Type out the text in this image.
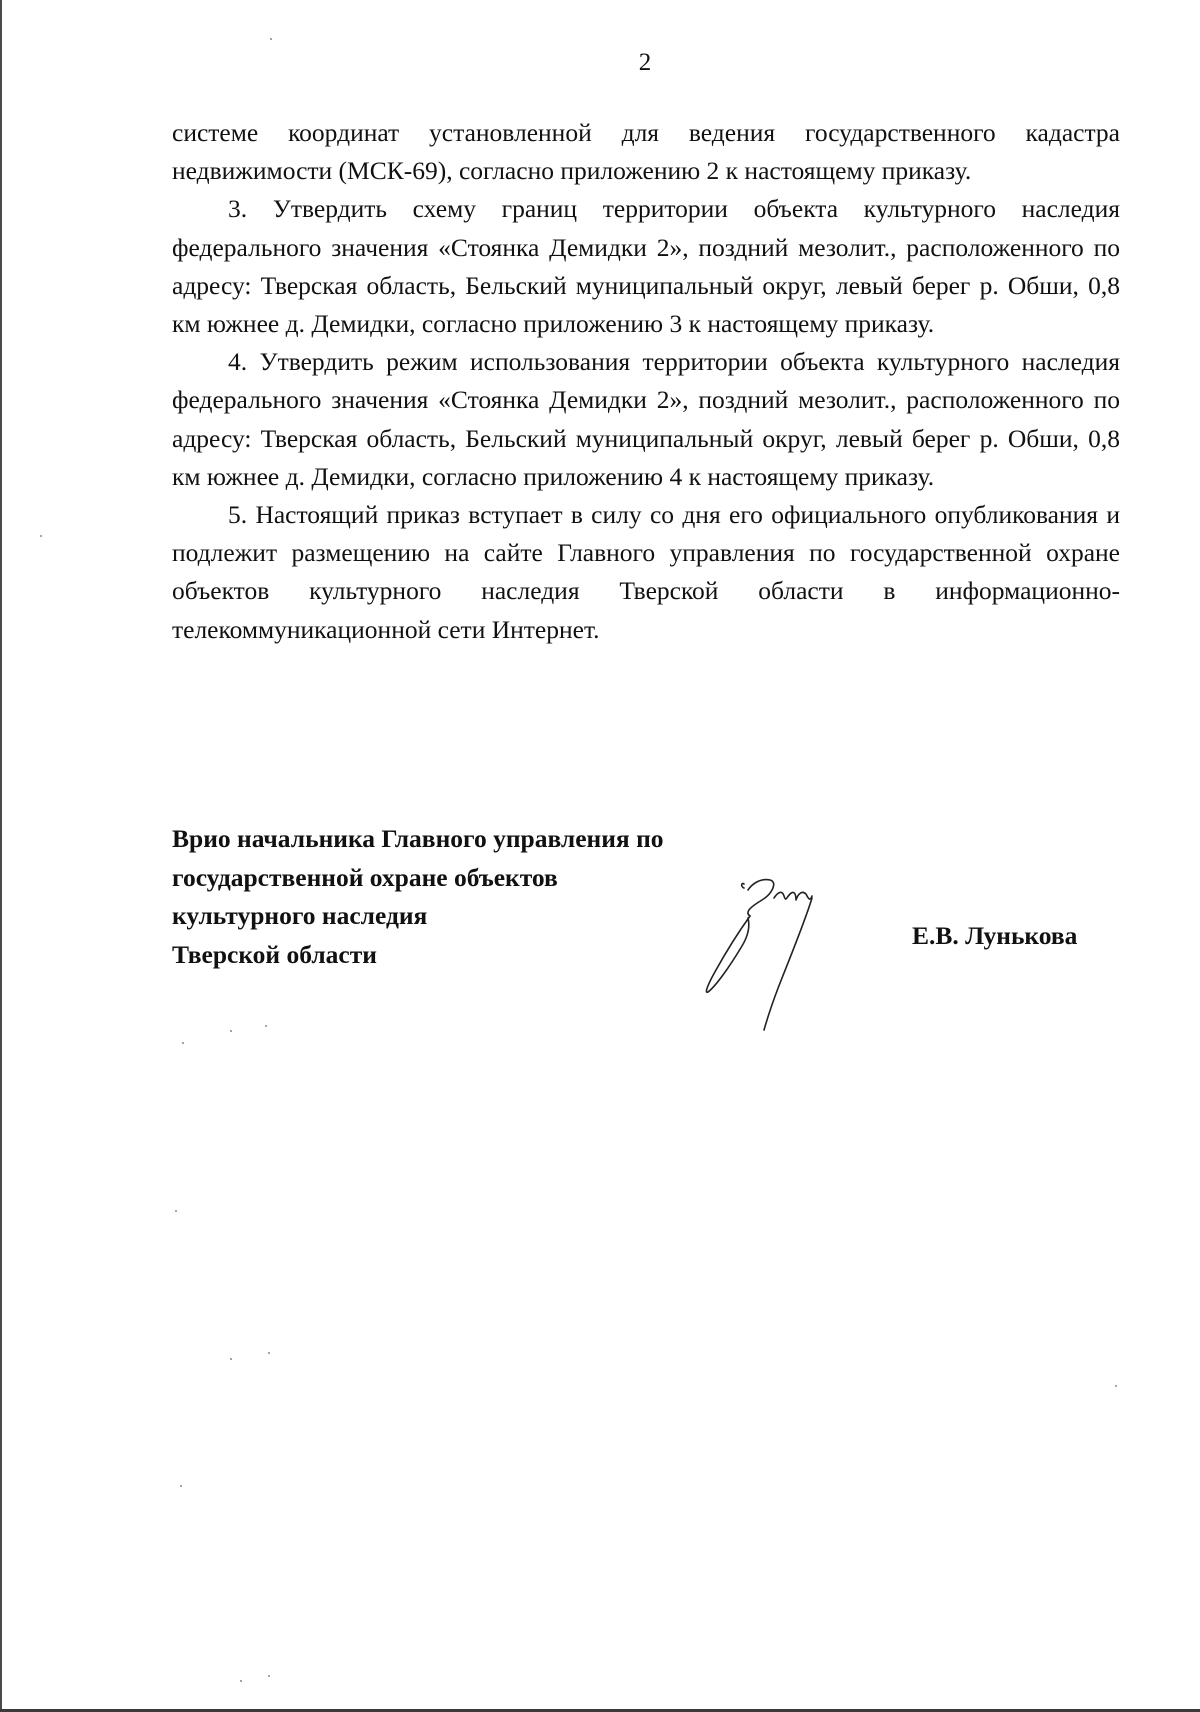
2

системе координат установленной для ведения государственного кадастра недвижимости (МСК-69), согласно приложению 2 к настоящему приказу.

3. Утвердить схему границ территории объекта культурного наследия федерального значения «Стоянка Демидки 2», поздний мезолит., расположенного по адресу: Тверская область, Бельский муниципальный округ, левый берег р. Обши, 0,8 км южнее д. Демидки, согласно приложению 3 к настоящему приказу.

4. Утвердить режим использования территории объекта культурного наследия федерального значения «Стоянка Демидки 2», поздний мезолит., расположенного по адресу: Тверская область, Бельский муниципальный округ, левый берег р. Обши, 0,8 км южнее д. Демидки, согласно приложению 4 к настоящему приказу.

5. Настоящий приказ вступает в силу со дня его официального опубликования и подлежит размещению на сайте Главного управления по государственной охране объектов культурного наследия Тверской области в информационно-телекоммуникационной сети Интернет.

Врио начальника Главного управления по
государственной охране объектов
культурного наследия
Тверской области
Е.В. Лунькова
